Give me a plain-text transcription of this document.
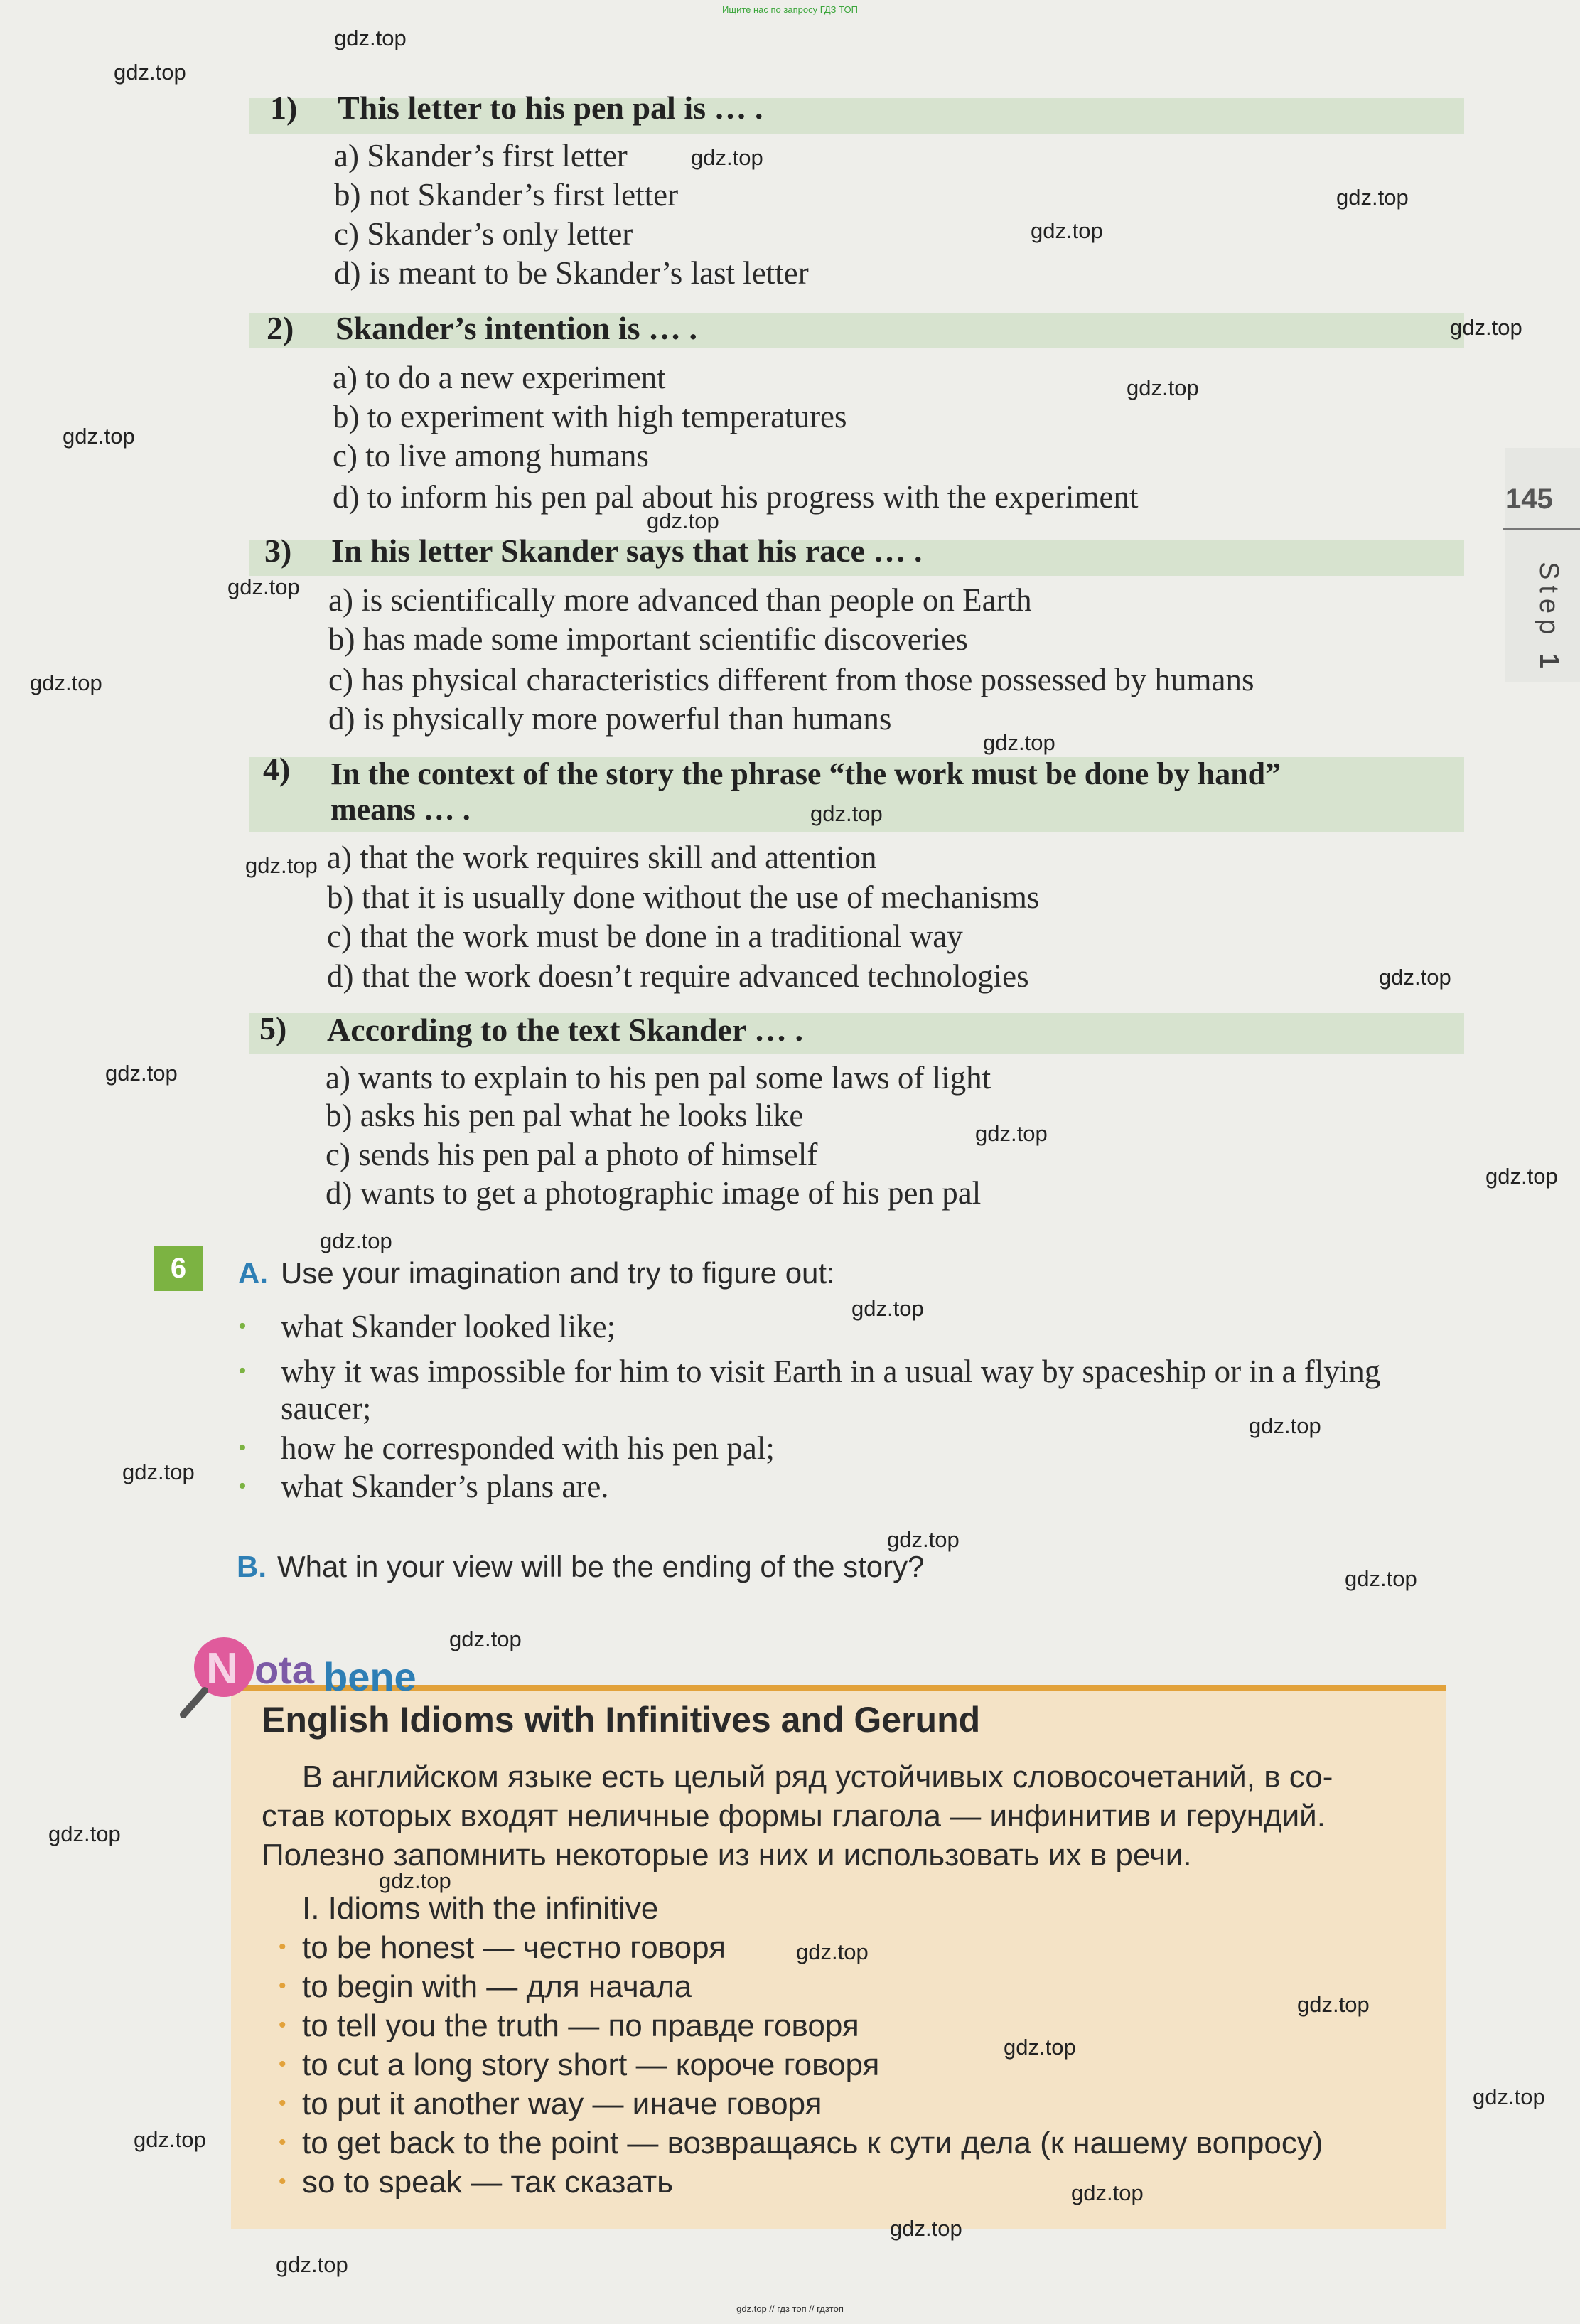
Ищите нас по запросу ГДЗ ТОП
145
Step 1
1) This letter to his pen pal is … .
a) Skander’s first letter
b) not Skander’s first letter
c) Skander’s only letter
d) is meant to be Skander’s last letter
2) Skander’s intention is … .
a) to do a new experiment
b) to experiment with high temperatures
c) to live among humans
d) to inform his pen pal about his progress with the experiment
3) In his letter Skander says that his race … .
a) is scientifically more advanced than people on Earth
b) has made some important scientific discoveries
c) has physical characteristics different from those possessed by humans
d) is physically more powerful than humans
4) In the context of the story the phrase “the work must be done by hand”
means … .
a) that the work requires skill and attention
b) that it is usually done without the use of mechanisms
c) that the work must be done in a traditional way
d) that the work doesn’t require advanced technologies
5) According to the text Skander … .
a) wants to explain to his pen pal some laws of light
b) asks his pen pal what he looks like
c) sends his pen pal a photo of himself
d) wants to get a photographic image of his pen pal
6	A. Use your imagination and try to figure out:
• what Skander looked like;
• why it was impossible for him to visit Earth in a usual way by spaceship or in a flying
saucer;
• how he corresponded with his pen pal;
• what Skander’s plans are.
B. What in your view will be the ending of the story?
N ota bene
English Idioms with Infinitives and Gerund
В английском языке есть целый ряд устойчивых словосочетаний, в со-
став которых входят неличные формы глагола — инфинитив и герундий.
Полезно запомнить некоторые из них и использовать их в речи.
I. Idioms with the infinitive
• to be honest — честно говоря
• to begin with — для начала
• to tell you the truth — по правде говоря
• to cut a long story short — короче говоря
• to put it another way — иначе говоря
• to get back to the point — возвращаясь к сути дела (к нашему вопросу)
• so to speak — так сказать
gdz.top
gdz.top
gdz.top
gdz.top
gdz.top
gdz.top
gdz.top
gdz.top
gdz.top
gdz.top
gdz.top
gdz.top
gdz.top
gdz.top
gdz.top
gdz.top
gdz.top
gdz.top
gdz.top
gdz.top
gdz.top
gdz.top
gdz.top
gdz.top
gdz.top
gdz.top
gdz.top
gdz.top
gdz.top
gdz.top
gdz.top
gdz.top
gdz.top
gdz.top
gdz.top
gdz.top // гдз топ // гдзтоп
